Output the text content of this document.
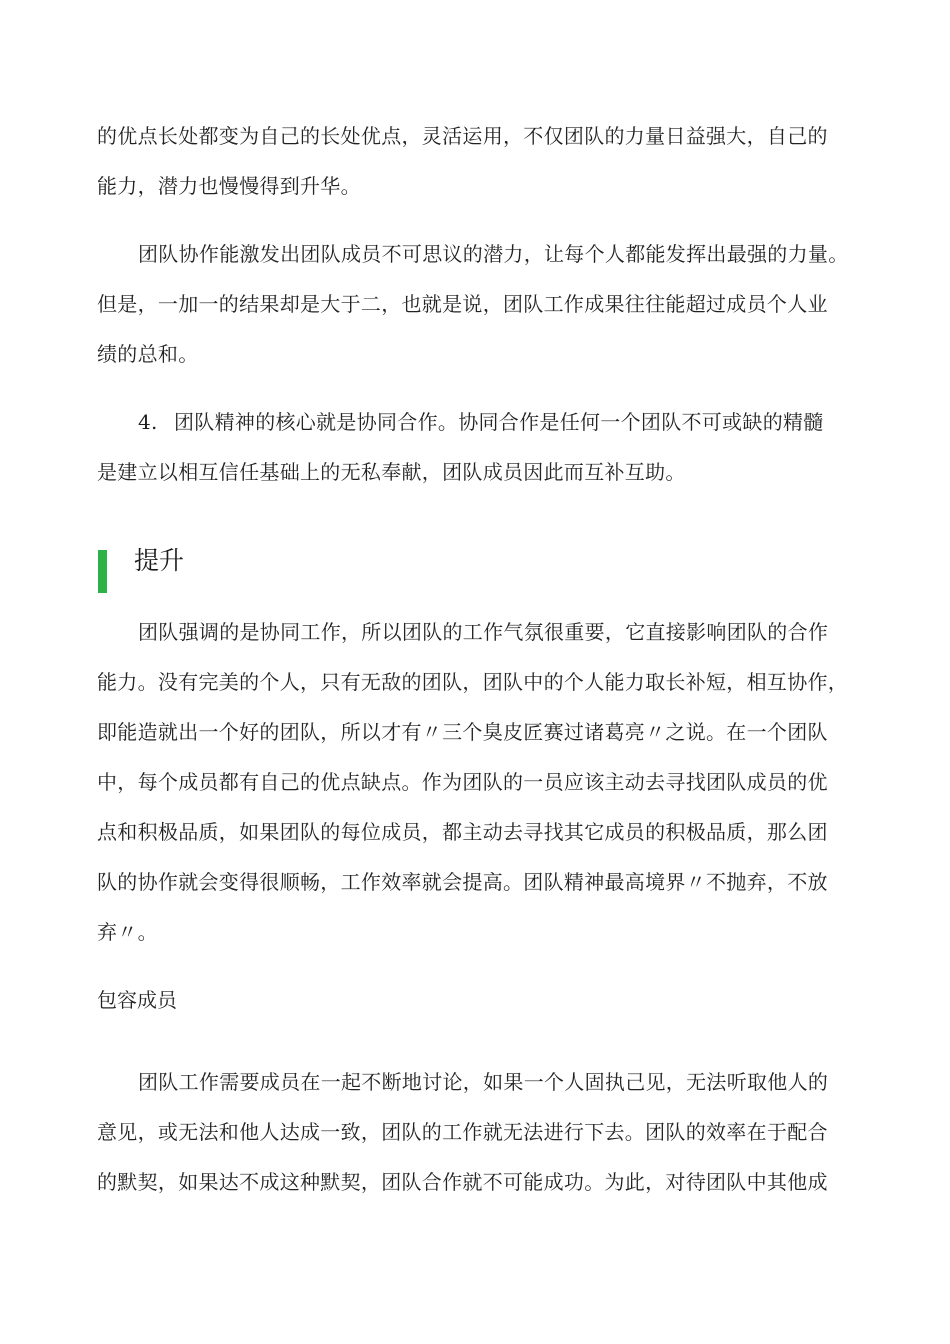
的优点长处都变为自己的长处优点，灵活运用，不仅团队的力量日益强大，自己的
能力，潜力也慢慢得到升华。
团队协作能激发出团队成员不可思议的潜力，让每个人都能发挥出最强的力量。
但是，一加一的结果却是大于二，也就是说，团队工作成果往往能超过成员个人业
绩的总和。
4. 团队精神的核心就是协同合作。协同合作是任何一个团队不可或缺的精髓
是建立以相互信任基础上的无私奉献，团队成员因此而互补互助。
提升
团队强调的是协同工作，所以团队的工作气氛很重要，它直接影响团队的合作
能力。没有完美的个人，只有无敌的团队，团队中的个人能力取长补短，相互协作，
即能造就出一个好的团队，所以才有〃三个臭皮匠赛过诸葛亮〃之说。在一个团队
中，每个成员都有自己的优点缺点。作为团队的一员应该主动去寻找团队成员的优
点和积极品质，如果团队的每位成员，都主动去寻找其它成员的积极品质，那么团
队的协作就会变得很顺畅，工作效率就会提高。团队精神最高境界〃不抛弃，不放
弃〃。
包容成员
团队工作需要成员在一起不断地讨论，如果一个人固执己见，无法听取他人的
意见，或无法和他人达成一致，团队的工作就无法进行下去。团队的效率在于配合
的默契，如果达不成这种默契，团队合作就不可能成功。为此，对待团队中其他成
